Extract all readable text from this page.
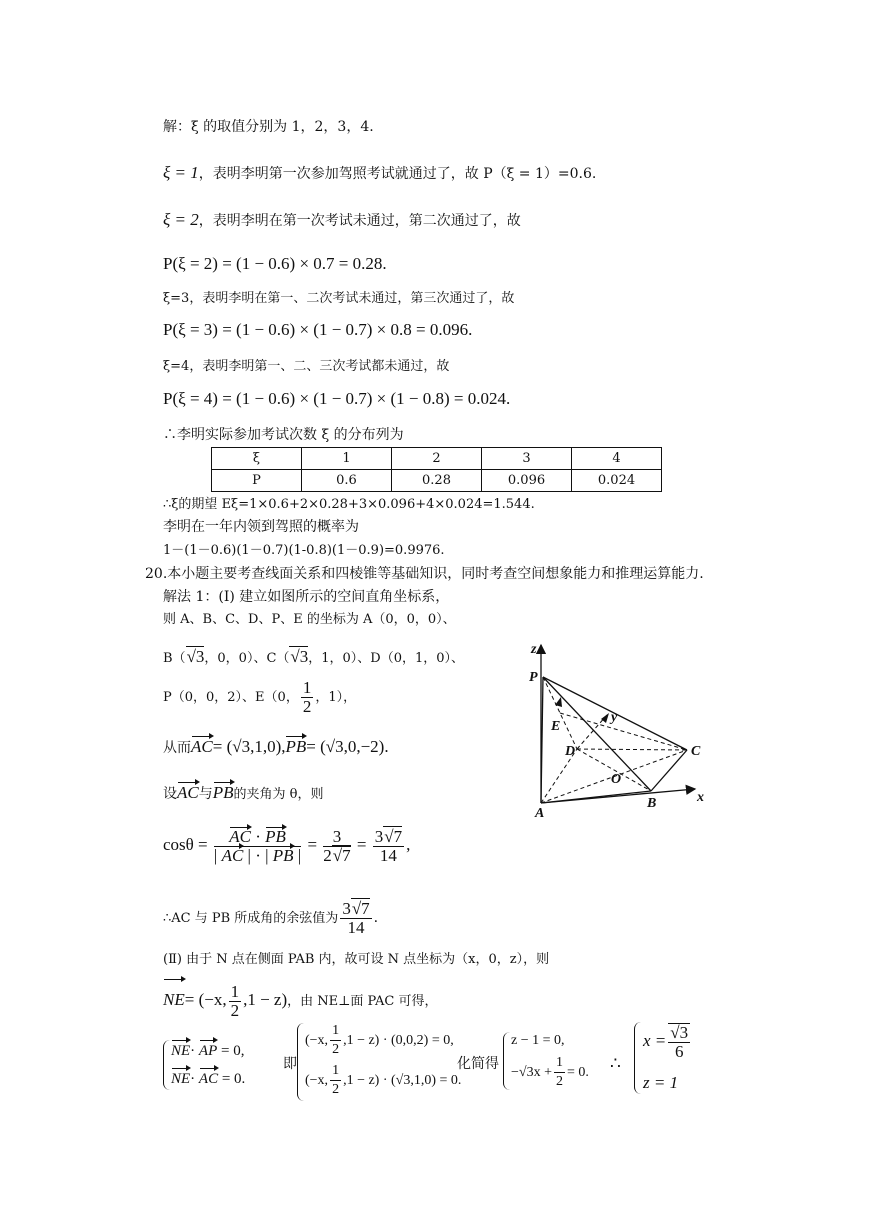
解：ξ 的取值分别为 1，2，3，4.
ξ = 1，表明李明第一次参加驾照考试就通过了，故 P（ξ = 1）=0.6.
ξ = 2，表明李明在第一次考试未通过，第二次通过了，故
P(ξ = 2) = (1 − 0.6) × 0.7 = 0.28.
ξ=3，表明李明在第一、二次考试未通过，第三次通过了，故
P(ξ = 3) = (1 − 0.6) × (1 − 0.7) × 0.8 = 0.096.
ξ=4，表明李明第一、二、三次考试都未通过，故
P(ξ = 4) = (1 − 0.6) × (1 − 0.7) × (1 − 0.8) = 0.024.
∴李明实际参加考试次数 ξ 的分布列为
ξ	1	2	3	4
P	0.6	0.28	0.096	0.024
∴ξ的期望 Eξ=1×0.6+2×0.28+3×0.096+4×0.024=1.544.
李明在一年内领到驾照的概率为
1－(1－0.6)(1－0.7)(1-0.8)(1－0.9)=0.9976.
20.本小题主要考查线面关系和四棱锥等基础知识，同时考查空间想象能力和推理运算能力.
解法 1：(Ⅰ) 建立如图所示的空间直角坐标系，
则 A、B、C、D、P、E 的坐标为 A（0，0，0）、
B（√3，0，0）、C（√3，1，0）、D（0，1，0）、
P（0，0，2）、E（0， $\frac{1}{2}$ ，1），
从而AC= (√3,1,0),PB= (√3,0,−2).
设AC与PB的夹角为 θ，则
$\cos\theta = \frac{AC \cdot PB}{| AC | \cdot | PB |} = \frac{3}{2√7} = \frac{3√7}{14}$ ,
∴AC 与 PB 所成角的余弦值为 $\frac{3√7}{14}$ .
(Ⅱ) 由于 N 点在侧面 PAB 内，故可设 N 点坐标为（x，0，z），则
NE= (−x, $\frac{1}{2} ,1 - z$)，由 NE⊥面 PAC 可得，
NE· AP = 0,
NE· AC = 0.
即
(−x, $\frac{1}{2} ,1 - z) \cdot (0,0,2) = 0$,
(−x, $\frac{1}{2} ,1 - z) \cdot (√3,1,0) = 0$.
化简得
z − 1 = 0,
$-√3x + \frac{1}{2} = 0$. ∴
$x = \frac{√3}{6}$
z = 1
z
P
E
y
D	C
O
A
B	x
